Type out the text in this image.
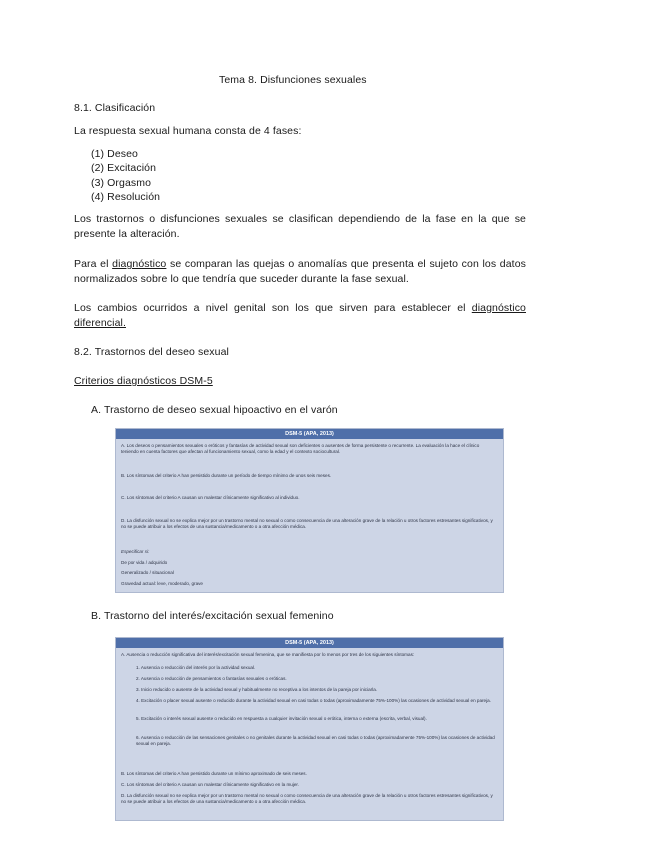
Tema 8. Disfunciones sexuales
8.1. Clasificación
La respuesta sexual humana consta de 4 fases:
(1) Deseo
(2) Excitación
(3) Orgasmo
(4) Resolución
Los trastornos o disfunciones sexuales se clasifican dependiendo de la fase en la que se presente la alteración.
Para el diagnóstico se comparan las quejas o anomalías que presenta el sujeto con los datos normalizados sobre lo que tendría que suceder durante la fase sexual.
Los cambios ocurridos a nivel genital son los que sirven para establecer el diagnóstico diferencial.
8.2. Trastornos del deseo sexual
Criterios diagnósticos DSM-5
A. Trastorno de deseo sexual hipoactivo en el varón
DSM-5 (APA, 2013)
A. Los deseos o pensamientos sexuales o eróticos y fantasías de actividad sexual son deficientes o ausentes de forma persistente o recurrente. La evaluación la hace el clínico teniendo en cuenta factores que afectan al funcionamiento sexual, como la edad y el contexto sociocultural.
B. Los síntomas del criterio A han persistido durante un período de tiempo mínimo de unos seis meses.
C. Los síntomas del criterio A causan un malestar clínicamente significativo al individuo.
D. La disfunción sexual no se explica mejor por un trastorno mental no sexual o como consecuencia de una alteración grave de la relación u otros factores estresantes significativos, y no se puede atribuir a los efectos de una sustancia/medicamento o a otra afección médica.
Especificar si:
De por vida / adquirido
Generalizado / situacional
Gravedad actual: leve, moderado, grave
B. Trastorno del interés/excitación sexual femenino
DSM-5 (APA, 2013)
A. Ausencia o reducción significativa del interés/excitación sexual femenina, que se manifiesta por lo menos por tres de los siguientes síntomas:
1. Ausencia o reducción del interés por la actividad sexual.
2. Ausencia o reducción de pensamientos o fantasías sexuales o eróticas.
3. Inicio reducido o ausente de la actividad sexual y habitualmente no receptiva a los intentos de la pareja por iniciarla.
4. Excitación o placer sexual ausente o reducido durante la actividad sexual en casi todas o todas (aproximadamente 75%-100%) las ocasiones de actividad sexual en pareja.
5. Excitación o interés sexual ausente o reducido en respuesta a cualquier invitación sexual o erótica, interna o externa (escrita, verbal, visual).
6. Ausencia o reducción de las sensaciones genitales o no genitales durante la actividad sexual en casi todas o todas (aproximadamente 75%-100%) las ocasiones de actividad sexual en pareja.
B. Los síntomas del criterio A han persistido durante un mínimo aproximado de seis meses.
C. Los síntomas del criterio A causan un malestar clínicamente significativo en la mujer.
D. La disfunción sexual no se explica mejor por un trastorno mental no sexual o como consecuencia de una alteración grave de la relación u otros factores estresantes significativos, y no se puede atribuir a los efectos de una sustancia/medicamento o a otra afección médica.
